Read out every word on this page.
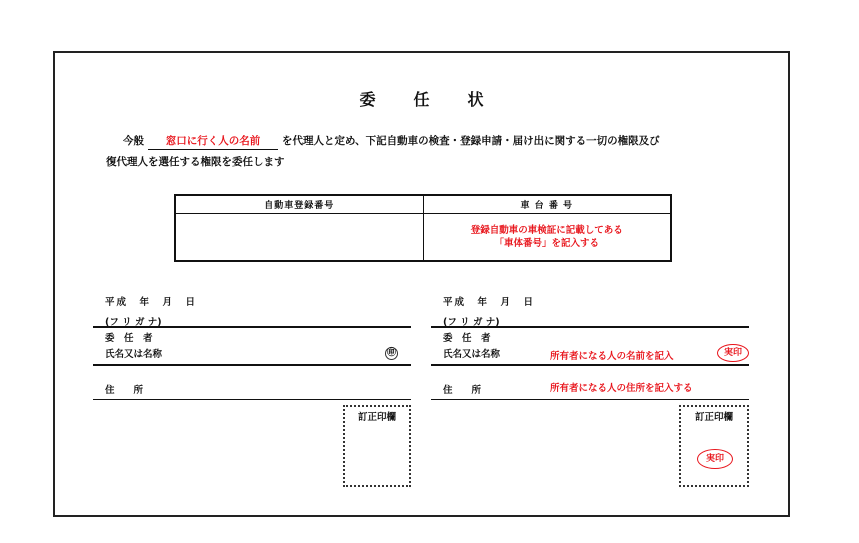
委任状
今般 窓口に行く人の名前 を代理人と定め、下記自動車の検査・登録申請・届け出に関する一切の権限及び
復代理人を選任する権限を委任します
自動車登録番号	車 台 番 号

	登録自動車の車検証に記載してある
「車体番号」を記入する
平成　年　月　日
(フ リ ガ ナ)
委　任　者
氏名又は名称	㊞
住　　所
訂正印欄
平成　年　月　日
(フ リ ガ ナ)
委　任　者
氏名又は名称	所有者になる人の名前を記入	実印
住　　所	所有者になる人の住所を記入する
訂正印欄
実印
